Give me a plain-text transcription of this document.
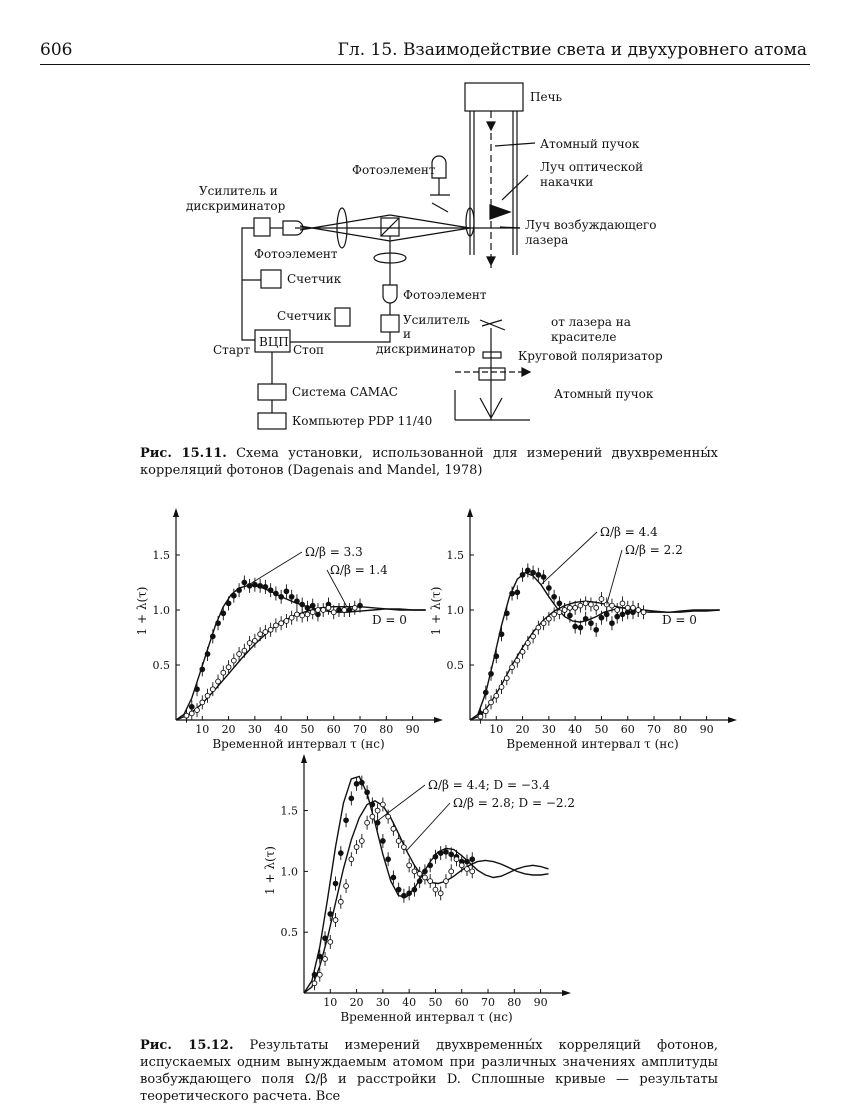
606	Гл. 15. Взаимодействие света и двухуровнего атома
Печь
Атомный пучок
Фотоэлемент	Луч оптической
накачки
Усилитель и
дискриминатор
Луч возбуждающего
лазера
Фотоэлемент
Счетчик
Фотоэлемент
Счетчик	Усилитель
и
дискриминатор
ВЦП
Старт	Стоп
Система CAMAC
Компьютер PDP 11/40
от лазера на
красителе
Круговой поляризатор
Атомный пучок
Рис. 15.11. Схема установки, использованной для измерений двухвременны́х корреляций фотонов (Dagenais and Mandel, 1978)
10 20 30 40 50 60 70 80 90
0.5
1.0
1.5
Временной интервал τ (нс)
1 + λ(τ)	D = 0
Ω/β = 3.3
Ω/β = 1.4
10 20 30 40 50 60 70 80 90
0.5
1.0
1.5
Временной интервал τ (нс)
1 + λ(τ)	D = 0
Ω/β = 4.4
Ω/β = 2.2
10 20 30 40 50 60 70 80 90
0.5
1.0
1.5
Временной интервал τ (нс)
1 + λ(τ)
Ω/β = 4.4; D = −3.4
Ω/β = 2.8; D = −2.2
Рис. 15.12. Результаты измерений двухвременны́х корреляций фотонов, испускаемых одним вынуждаемым атомом при различных значениях амплитуды возбуждающего поля Ω/β и расстройки D. Сплошные кривые — результаты теоретического расчета. Все
